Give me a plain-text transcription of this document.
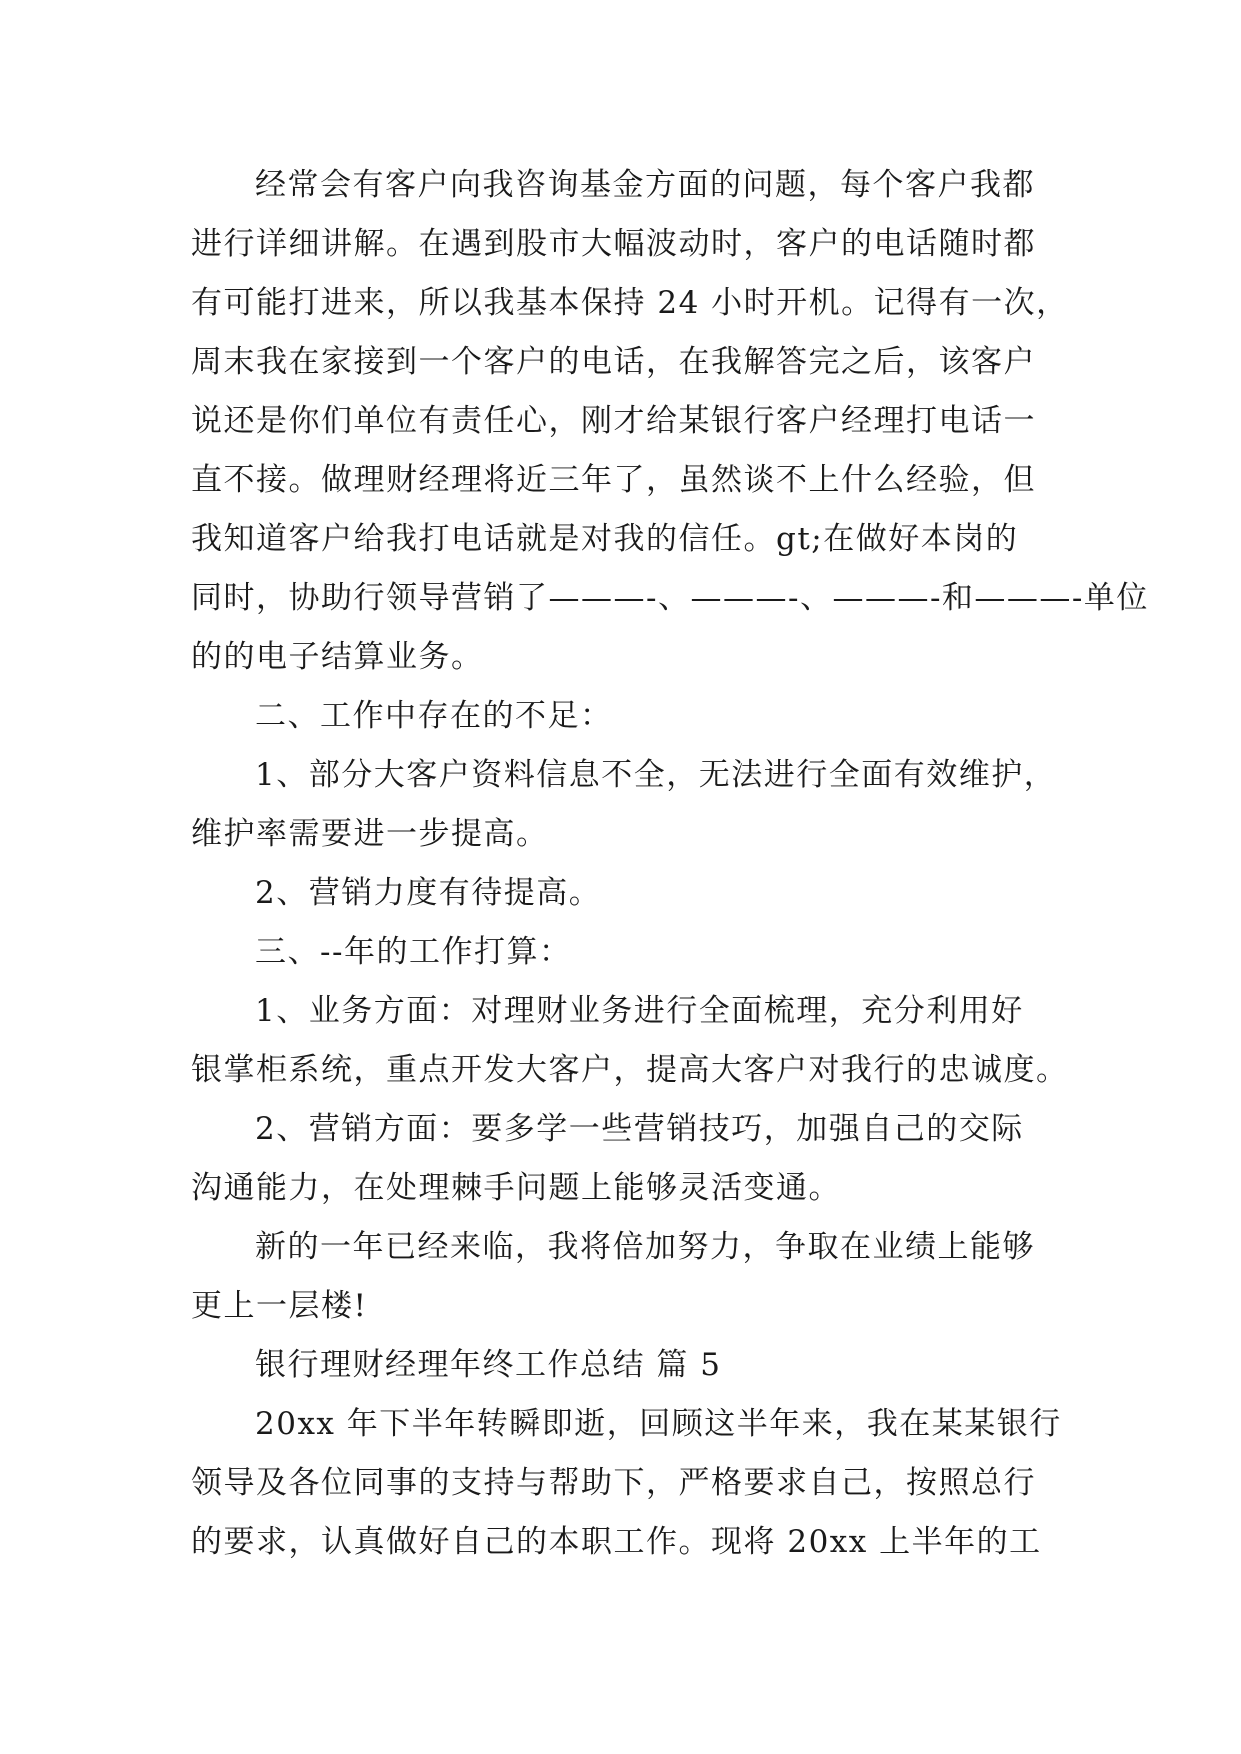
经常会有客户向我咨询基金方面的问题，每个客户我都
进行详细讲解。在遇到股市大幅波动时，客户的电话随时都
有可能打进来，所以我基本保持 24 小时开机。记得有一次，
周末我在家接到一个客户的电话，在我解答完之后，该客户
说还是你们单位有责任心，刚才给某银行客户经理打电话一
直不接。做理财经理将近三年了，虽然谈不上什么经验，但
我知道客户给我打电话就是对我的信任。gt;在做好本岗的
同时，协助行领导营销了———-、———-、———-和———-单位
的的电子结算业务。
二、工作中存在的不足：
1、部分大客户资料信息不全，无法进行全面有效维护，
维护率需要进一步提高。
2、营销力度有待提高。
三、--年的工作打算：
1、业务方面：对理财业务进行全面梳理，充分利用好
银掌柜系统，重点开发大客户，提高大客户对我行的忠诚度。
2、营销方面：要多学一些营销技巧，加强自己的交际
沟通能力，在处理棘手问题上能够灵活变通。
新的一年已经来临，我将倍加努力，争取在业绩上能够
更上一层楼!
银行理财经理年终工作总结 篇 5
20xx 年下半年转瞬即逝，回顾这半年来，我在某某银行
领导及各位同事的支持与帮助下，严格要求自己，按照总行
的要求，认真做好自己的本职工作。现将 20xx 上半年的工
